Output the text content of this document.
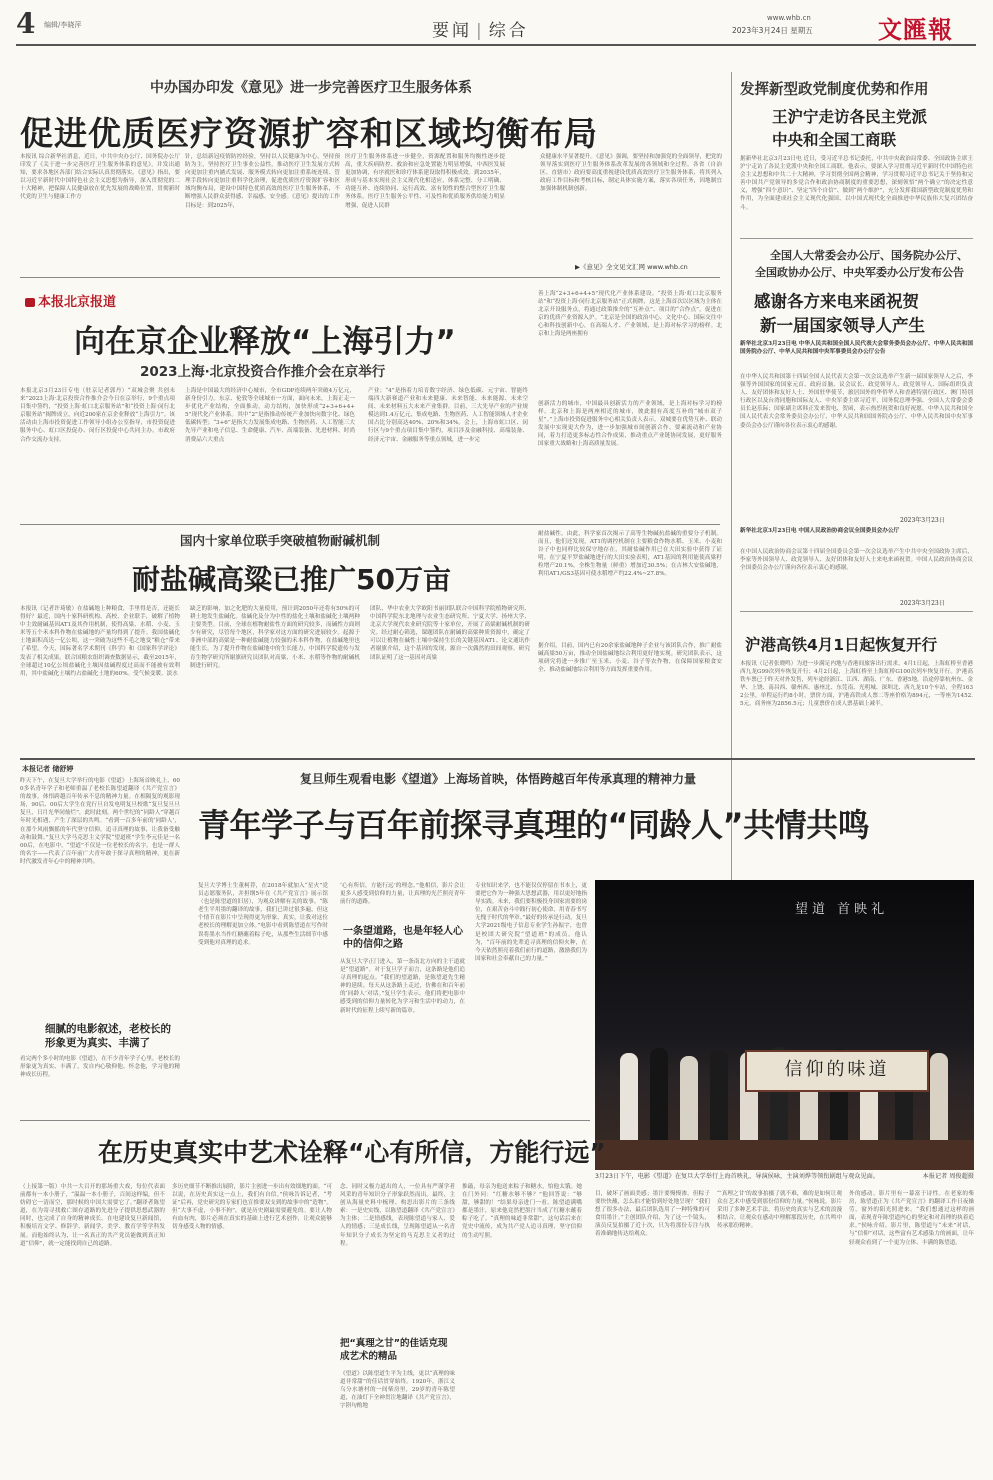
4 编辑/李晓萍	要闻 | 综合
www.whb.cn
2023年3月24日 星期五	文匯報
中办国办印发《意见》进一步完善医疗卫生服务体系
促进优质医疗资源扩容和区域均衡布局
本报讯 综合新华社消息，近日，中共中央办公厅、国务院办公厅印发了《关于进一步完善医疗卫生服务体系的意见》，并发出通知，要求各地区各部门结合实际认真贯彻落实。《意见》指出，要以习近平新时代中国特色社会主义思想为指导，深入贯彻党的二十大精神，把保障人民健康放在优先发展的战略位置，贯彻新时代党的卫生与健康工作方
针，总结新冠疫情防控经验，坚持以人民健康为中心，坚持预防为主，坚持医疗卫生事业公益性，推动医疗卫生发展方式转向更加注重内涵式发展、服务模式转向更加注重系统连续、管理手段转向更加注重科学化治理，促进优质医疗资源扩容和区域均衡布局，建设中国特色优质高效的医疗卫生服务体系，不断增强人民群众获得感、幸福感、安全感。《意见》提出的工作目标是：到2025年，
医疗卫生服务体系进一步健全，资源配置和服务均衡性逐步提高，重大疾病防控、救治和应急处置能力明显增强，中西医发展更加协调，有序就医和诊疗体系建设取得积极成效。到2035年，形成与基本实现社会主义现代化相适应，体系完整、分工明确、功能互补、连续协同、运行高效、富有韧性的整合型医疗卫生服务体系，医疗卫生服务公平性、可及性和优质服务供给能力明显增强，促进人民群
众健康水平显著提升。《意见》强调，要坚持和加强党的全面领导，把党的领导落实到医疗卫生服务体系改革发展的各领域和全过程。各省（自治区、直辖市）政府要高度重视建设优质高效医疗卫生服务体系，将其列入政府工作目标和考核目标，制定具体实施方案，落实各项任务，因地制宜加强体制机制创新。
▶《意见》全文见文汇网 www.whb.cn
发挥新型政党制度优势和作用
王沪宁走访各民主党派
中央和全国工商联
据新华社北京3月23日电 近日，受习近平总书记委托，中共中央政治局常委、全国政协主席王沪宁走访了各民主党派中央和全国工商联。他表示，要深入学习贯彻习近平新时代中国特色社会主义思想和中共二十大精神，学习贯彻全国两会精神，学习贯彻习近平总书记关于坚持和完善中国共产党领导的多党合作和政治协商制度的重要思想，深刻领悟“两个确立”的决定性意义，增强“四个意识”、坚定“四个自信”、做到“两个维护”，充分发挥我国新型政党制度优势和作用，为全面建成社会主义现代化强国、以中国式现代化全面推进中华民族伟大复兴团结奋斗。
本报北京报道
向在京企业释放“上海引力”
2023上海·北京投资合作推介会在京举行
本报北京3月23日专电（驻京记者郭丹）“双城会聚 共创未来”2023上海·北京投资合作推介会今日在京举行，9个重点项目集中签约，“投资上海·虹口北京服务站”和“投资上海·闵行北京服务站”揭牌成立，向近200家在京企业释放“上海引力”。该活动由上海市投资促进工作领导小组办公室指导，市投资促进服务中心、虹口区投促办、闵行区投促中心共同主办，市政府合作交流办支持。
上海是中国最大的经济中心城市，全市GDP连续两年突破4万亿元，新身份引力。东京、伦敦等全球城市一方面，面向未来，上海正走一步优化产业结构，全面推动，动力结构，加快形成“2+3+6+4+5”现代化产业体系。其中“2”是指推动传统产业加快向数字化、绿色低碳转型；“3+6”是指大力发展集成电路、生物医药、人工智能三大先导产业和电子信息、生命健康、汽车、高端装备、先进材料、时尚消费品六大重点
产业；“4”是指着力培育数字经济、绿色低碳、元宇宙、智能终端四大新赛道产业和未来健康、未来智能、未来能源、未来空间、未来材料五大未来产业集群。目前，三大先导产业的产业规模达到1.4万亿元，集成电路、生物医药、人工智能领域人才企业国占比分别高达40%、20%和34%。会上，上海市虹口区、闵行区与9个重点项目集中签约，项目涉及金融科技、高端装备、经济元宇宙、金融服务等重点领域，进一步完
善上海“2+3+6+4+5”现代化产业体系建设。“投资上海·虹口北京服务站”和“投资上海·闵行北京服务站”正式揭牌，这是上海首次以区域为主体在北京开设服务点，将通过政策推介的“互补点”、项目的“合作点”，促进在京的优质产业资源入沪。“北京是全国的政治中心、文化中心、国际交往中心和科技创新中心，在高端人才、产业领域，是上海对标学习的榜样。北京和上海是两座拥有
创新活力的城市，中国最具创新活力的产业领域，是上海对标学习的榜样。北京和上海是两座相近的城市，彼此拥有高度互补的“城市双子星”。”上海市投资促进服务中心相关负责人表示，双城要在优势互补、联动发展中实现更大作为，进一步加强城市间创新合作、要素流动和产业协同，着力打造更多标志性合作成果，推动重点产业链协同发展，更好服务国家重大战略和上海高质量发展。
全国人大常委会办公厅、国务院办公厅、
全国政协办公厅、中央军委办公厅发布公告
感谢各方来电来函祝贺
新一届国家领导人产生
新华社北京3月23日电 中华人民共和国全国人民代表大会常务委员会办公厅、中华人民共和国国务院办公厅、中华人民共和国中央军事委员会办公厅公告
在中华人民共和国第十四届全国人民代表大会第一次会议选举产生新一届国家领导人之后，李强等外国国家的国家元首、政府首脑、议会议长、政党领导人、政党领导人、国际组织负责人、友好团体和友好人士、外国驻华使节，旅居国外的华侨华人和香港特别行政区、澳门特别行政区以及台湾同胞和国际友人、中央军委主席习近平，国务院总理李强、全国人大常委会委员长赵乐际；国家副主席韩正发来贺电、贺函，表示热烈祝贺和良好祝愿。中华人民共和国全国人民代表大会常务委员会办公厅、中华人民共和国国务院办公厅、中华人民共和国中央军事委员会办公厅谨向各位表示衷心的感谢。
2023年3月23日
新华社北京3月23日电 中国人民政治协商会议全国委员会办公厅
在中国人民政治协商会议第十四届全国委员会第一次会议选举产生中共中央全国政协主席后，李家等外国领导人、政党领导人、友好团体和友好人士来电来函祝贺。中国人民政治协商会议全国委员会办公厅谨向各位表示衷心的感谢。
2023年3月23日
国内十家单位联手突破植物耐碱机制
耐盐碱高粱已推广50万亩
本报讯（记者许琦敏）在盐碱地上种粮食，手里得是否，还能长得好？最近，国内十家科研机构、高校、企业联手，破解了植物中主效耐碱基因AT1及其作用机制，使得高粱、水稻、小麦、玉米等五个禾本科作物在盐碱地的产量均得到了提升。我国盐碱化土地面积高达一亿公顷，这一突破为这些不毛之地变“粮仓”带来了希望。今天，国际著名学术期刊《科学》和《国家科学评论》发表了相关成果。联合国粮农组织调查数据显示，截至2015年，全球超过10亿公顷盐碱化土壤因盐碱程度过高而不能被有效利用，其中盐碱化土壤约占盐碱化土地的60%。受气候变暖、淡水
缺乏的影响，加之化肥的大量使用，预计到2050年还将有50%的可耕土地发生盐碱化。盐碱化及分为中性的盐化土壤和盐碱化土壤两种主要类型。目前，全球在植物耐盐性方面的研究较多，而碱性方面则少有研究，尽管每个地区，科学家对这方面的研究进展较少。起源于非洲中部的高粱是一种耐盐碱能力较强的禾本科作物，在盐碱地里也能生长。为了提升作物在盐碱地中的生长能力，中国科学院遗传与发育生物学研究所谢旗研究员团队对高粱、小米、水稻等作物的耐碱机制进行研究。
团队、华中农业大学欧阳书丽团队联合中国科学院植物研究所、中国科学院东北地理与农业生态研究所、宁夏大学、扬州大学、北京大学现代农业研究院等十家单位，开展了高粱耐碱机制的研究。经过耐心筛选，课题团队在耐碱的高粱种质资源中，确定了可以让植物在碱性土壤中保持生长的关键基因AT1。论文通讯作者谢旗介绍，这个基因的发现，源自一次偶然的田间观察。研究团队证明了这一基因对高粱
耐盐碱性。由此，科学家首次揭示了高等生物碱抗盐碱的重要分子机制。而且，他们还发现，AT1的调控机制在主要粮食作物水稻、玉米、小麦和谷子中也同样比较保守地存在，其耐盐碱作用已在大田实验中获得了证明。在宁夏平罗盐碱地进行的大田实验表明，AT1基因的利用能使高粱籽粒增产20.1%，全株生物量（鲜重）增加近30.5%；在吉林大安盐碱地，利用AT1/GS3基因可使水稻增产约22.4%~27.8%。
据介绍，目前，国内已有20余家盐碱地种子企业与该团队合作，推广耐盐碱高粱50万亩，推动全国盐碱地综合利用更好地实现。研究团队表示，这项研究将进一步推广至玉米、小麦、谷子等农作物，在保障国家粮食安全、推动盐碱地综合利用等方面发挥重要作用。
沪港高铁4月1日起恢复开行
本报讯（记者张晓鸣）为进一步满足内地与香港间旅客出行需求，4月1日起，上海虹桥至香港西九龙G99次列车恢复开行；4月2日起，上海虹桥至上海虹桥G100次列车恢复开行。沪港高铁车票已于昨天对外发售，列车途经浙江、江西、湖南、广东、香港5地，沿途停靠杭州东、金华、上饶、南昌西、赣州西、惠州北、东莞南、光明城、深圳北、西九龙10个车站，全程1632公里，单程运行约8小时。票价方面，沪港高铁成人票二等座价格为894元，一等座为1452.5元，商务座为2856.5元；儿童票价在成人票基础上减半。
本报记者 储舒婷
昨天下午，在复旦大学举行的电影《望道》上海场首映礼上，600多名青年学子和老师重温了老校长陈望道翻译《共产党宣言》的故事，体悟跨越百年传承不息的精神力量。在相隔复的观影现场，90后、00后大学生在党行旦自发电明复旦校歌“复旦复旦旦复旦，日月光华同灿烂”，此时此刻，两个世纪的“同龄人”穿越百年时光相遇，产生了深层的共鸣。“看到一百多年前的‘同龄人’，在那个风雨飘摇的年代坚守信仰，追寻真理的故事，让我备受触动和鼓舞。”复旦大学马克思主义学院“望道班”学生李元佳是一名00后，在电影中，“望道”不仅是一位老校长的名字，也是一群人的名字——代表了百年前广大青年敢于探寻真理的精神，更在新时代激发青年心中的精神共鸣。
细腻的电影叙述，老校长的形象更为真实、丰满了
看完两个多小时的电影《望道》，在不少青年学子心里，老校长的形象更为真实、丰满了，发自内心敬仰他、怀念他，学习他的精神成长历程。
复旦师生观看电影《望道》上海场首映，体悟跨越百年传承真理的精神力量
青年学子与百年前探寻真理的“同龄人”共情共鸣
复旦大学博士生董柯荐，在2018年就加入“星火”党员志愿服务队，并担纲5年在《共产党宣言》展示馆（也是陈望道的旧居），为观众讲解有关的故事。“陈老生平用墨的翻译的故事，我们已讲过很多遍，但这个情节在影片中呈现得更为形象、真实，让我对这位老校长的理解更加立体。”电影中看到陈望道在写作时误将墨水当作红糖蘸着粽子吃，从那些生活细节中感受到他对真理的追求。
‘心有所信，方能行远’的理念。”他相信，影片会让更多人感受到信仰的力量，让真理的光芒照亮青年前行的道路。
一条望道路，也是年轻人心中的信仰之路
从复旦大学正门进入，第一条南北方向的主干道就是“望道路”。对于复旦学子而言，这条路是他们追寻真理的起点。“我们的望道路，是陈望道先生精神的延续。每天从这条路上走过，仿佛在和百年前的‘同龄人’对话。”复旦学生表示，他们将把电影中感受到的信仰力量转化为学习和生活中的动力，在新时代的征程上续写新的篇章。
专业知识来学，也不能仅仅停留在书本上，更要把它作为一种强大思想武器，用以更好地指导实践。未来，我们要积极投身国家需要的岗位，在艰苦奋斗中践行初心使命，用青春书写无愧于时代的华章。”最好的传承是行动。复旦大学2021级电子信息专业学生孙振宇，也曾是校团大研究院“望道班”的成员。他认为，“百年前的先辈追寻真理的信仰火种，在今天依然照亮着我们前行的道路，激励我们为国家和社会奉献自己的力量。”
望道 首映礼
信仰的味道
3月23日下午，电影《望道》在复旦大学举行上海首映礼，导演侯咏，主演刘烨等领衔剧组与观众见面。	本报记者 周俊超摄
在历史真实中艺术诠释“心有所信，方能行远”
（上接第一版）中共一大召开的那场重大戏，每位代表面前都有一本小册子，“温温一本小册子，百间这样编，但不妨碍它一清而空，那时候的中国大需要它了。”翻译者陈望道，在为寄寻找救亡图存道路的先进分子提供思想武器的同时，也完成了自身的精神成长。在电建设复旦新闻馆，积极培育文学、修辞学、新闻学、美学、教育学等学科发展。而他始终认为，让一名真正的共产党员能做到真正知道“信仰”，就一定能找到自己的道路。
多历史细节不断推出展阶，影片主创进一步出有效细地的面。“可以说，在历史真实这一点上，我们有自信。”侯咏告诉记者，“考证”后再，党史研究的专家们也宣推要双支到的故事中的“造物”。但“大事不虚，小事不拘”，就是历史剧最需要避免的。要让人物有血有肉，影片必须在真实的基础上进行艺术创作，让观众能够切身感受人物的情感。
念、同时又极力道出的人，一位具有严谨学者风采的青年知识分子形象跃然而出。最终，主创从海量史料中梳理、构思出影片的三条线索：一是史实线，以陈望道翻译《共产党宣言》为主体；二是情感线，表现陈望道与家人、爱人的情感；三是成长线，呈现陈望道从一名青年知识分子成长为坚定的马克思主义者的过程。
把“真理之甘”的佳话克现成艺术的精品
《望道》以陈望道生平为主线，更以“真理的味道非常甜”的佳话贯穿始终。1920年，浙江义乌分水塘村的一间柴房里，29岁的青年陈望道，在油灯下全神贯注地翻译《共产党宣言》，字斟句酌地
推敲，母亲为他送来粽子和糖水，怕他太饿。她在门外问：“红糖水够不够？”他回答说：“够甜，够甜的！”结果母亲进门一看，陈望道满嘴都是墨汁，原来他竟然把墨汁当成了红糖水蘸着粽子吃了。“真理的味道非常甜”，这句话后来在党史中流传，成为共产党人追寻真理、坚守信仰的生动写照。
目，破坏了画面美感；墨汁要慢慢渗，但粽子要快快蘸，怎么拍才能恰到好处地呈现？“我们想了很多办法，最后团队选用了一种特殊的可食用墨汁。”主创团队介绍，为了这一个镜头，演员反复拍摄了近十次，只为将那份专注与执着准确地传达给观众。
“‘真理之甘’的故事拍摄了就不难，难的是如何让观众在艺术中感受到那份信仰的力量。”侯咏说，影片采用了多种艺术手法，将历史的真实与艺术的浪漫相结合，让观众在感动中理解那段历史，在共鸣中传承那份精神。
外的感动。影片里有一幕富于诗性。在老家的柴房，陈望道正为《共产党宣言》的翻译工作日夜操劳，窗外的阳光照进来。“我们想通过这样的画面，表现青年陈望道内心的坚定和对真理的执着追求。”侯咏介绍，影片里，陈望道与“未来”对话，与“信仰”对话，这些富有艺术感染力的画面，让年轻观众看到了一个更为立体、丰满的陈望道。
